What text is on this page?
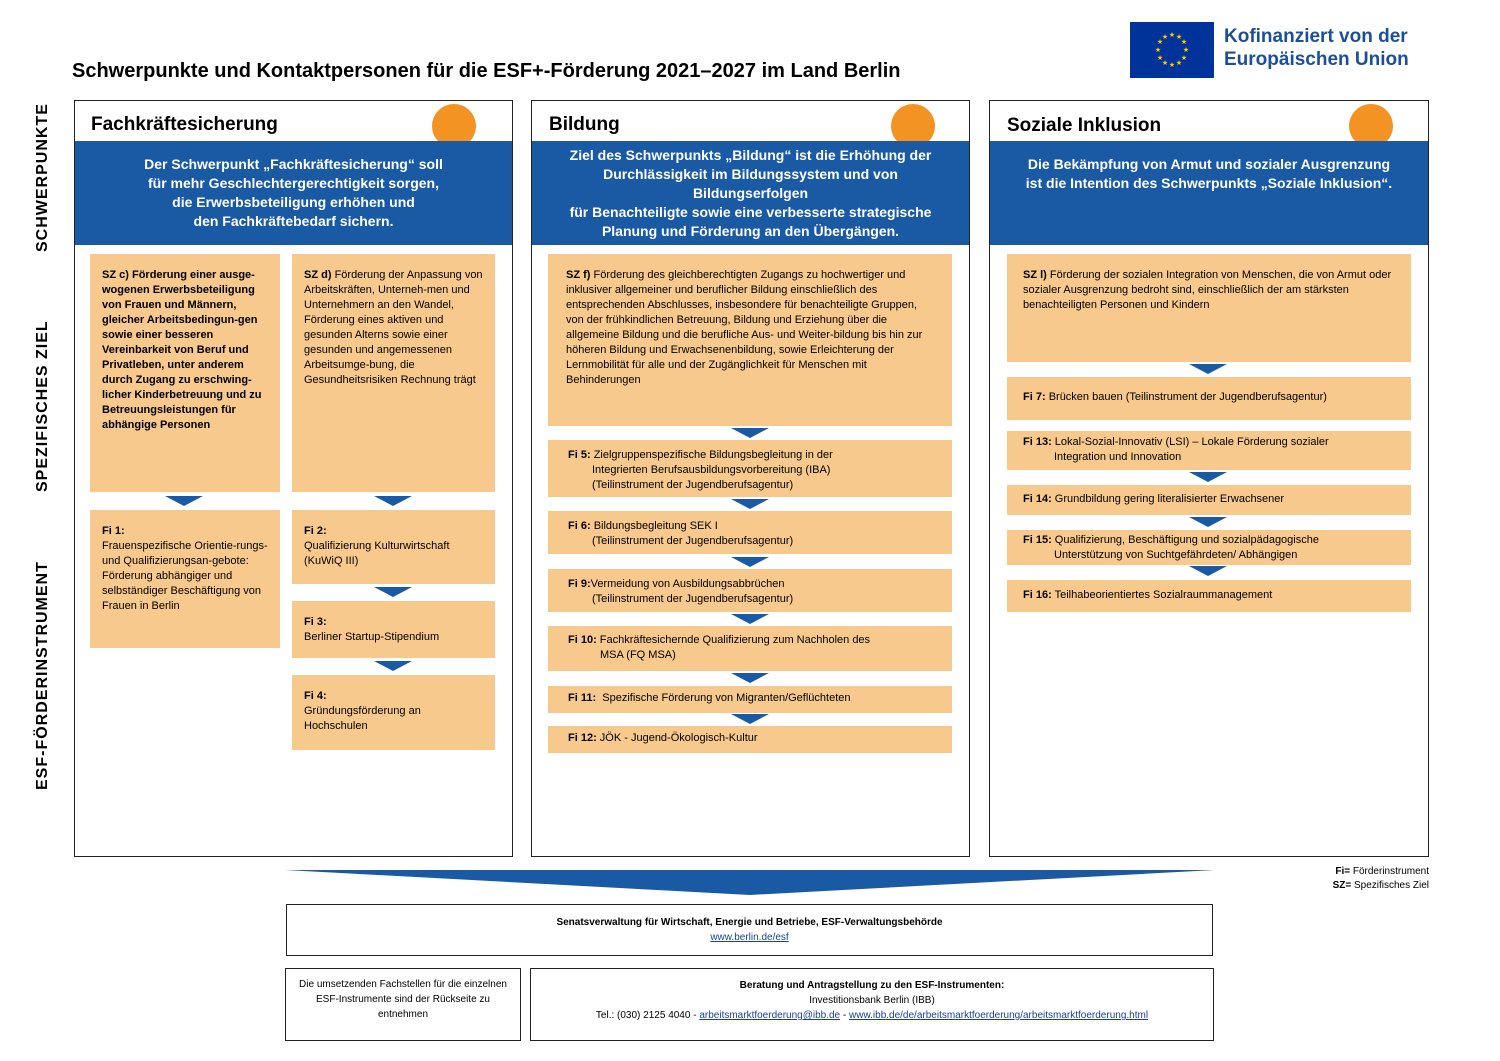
Schwerpunkte und Kontaktpersonen für die ESF+-Förderung 2021–2027 im Land Berlin
★ ★
★
★
★
★
★
★
★
★
★
★	Kofinanziert von der
Europäischen Union
SCHWERPUNKTE
SPEZIFISCHES ZIEL
ESF-FÖRDERINSTRUMENT
Fachkräftesicherung	Bildung	Soziale Inklusion
Der Schwerpunkt „Fachkräftesicherung“ soll
für mehr Geschlechtergerechtigkeit sorgen,
die Erwerbsbeteiligung erhöhen und
den Fachkräftebedarf sichern.
Ziel des Schwerpunkts „Bildung“ ist die Erhöhung der
Durchlässigkeit im Bildungssystem und von Bildungserfolgen
für Benachteiligte sowie eine verbesserte strategische
Planung und Förderung an den Übergängen.
Die Bekämpfung von Armut und sozialer Ausgrenzung
ist die Intention des Schwerpunkts „Soziale Inklusion“.
SZ c) Förderung einer ausge-wogenen Erwerbsbeteiligung von Frauen und Männern, gleicher Arbeitsbedingun-gen sowie einer besseren Vereinbarkeit von Beruf und Privatleben, unter anderem durch Zugang zu erschwing-licher Kinderbetreuung und zu Betreuungsleistungen für abhängige Personen
SZ d) Förderung der Anpassung von Arbeitskräften, Unterneh-men und Unternehmern an den Wandel, Förderung eines aktiven und gesunden Alterns sowie einer gesunden und angemessenen Arbeitsumge-bung, die Gesundheitsrisiken Rechnung trägt
Fi 1:
Frauenspezifische Orientie-rungs- und Qualifizierungsan-gebote: Förderung abhängiger und selbständiger Beschäftigung von Frauen in Berlin
Fi 2:
Qualifizierung Kulturwirtschaft (KuWiQ III)
Fi 3:
Berliner Startup-Stipendium
Fi 4:
Gründungsförderung an Hochschulen
SZ f) Förderung des gleichberechtigten Zugangs zu hochwertiger und inklusiver allgemeiner und beruflicher Bildung einschließlich des entsprechenden Abschlusses, insbesondere für benachteiligte Gruppen, von der frühkindlichen Betreuung, Bildung und Erziehung über die allgemeine Bildung und die berufliche Aus- und Weiter-bildung bis hin zur höheren Bildung und Erwachsenenbildung, sowie Erleichterung der Lernmobilität für alle und der Zugänglichkeit für Menschen mit Behinderungen
Fi 5: Zielgruppenspezifische Bildungsbegleitung in der
Integrierten Berufsausbildungsvorbereitung (IBA)
(Teilinstrument der Jugendberufsagentur)
Fi 6: Bildungsbegleitung SEK I
(Teilinstrument der Jugendberufsagentur)
Fi 9:Vermeidung von Ausbildungsabbrüchen
(Teilinstrument der Jugendberufsagentur)
Fi 10: Fachkräftesichernde Qualifizierung zum Nachholen des
MSA (FQ MSA)
Fi 11: Spezifische Förderung von Migranten/Geflüchteten
Fi 12: JÖK - Jugend-Ökologisch-Kultur
SZ l) Förderung der sozialen Integration von Menschen, die von Armut oder sozialer Ausgrenzung bedroht sind, einschließlich der am stärksten benachteiligten Personen und Kindern
Fi 7: Brücken bauen (Teilinstrument der Jugendberufsagentur)
Fi 13: Lokal-Sozial-Innovativ (LSI) – Lokale Förderung sozialer
Integration und Innovation
Fi 14: Grundbildung gering literalisierter Erwachsener
Fi 15: Qualifizierung, Beschäftigung und sozialpädagogische
Unterstützung von Suchtgefährdeten/ Abhängigen
Fi 16: Teilhabeorientiertes Sozialraummanagement
Fi= Förderinstrument
SZ= Spezifisches Ziel
Senatsverwaltung für Wirtschaft, Energie und Betriebe, ESF-Verwaltungsbehörde
www.berlin.de/esf
Die umsetzenden Fachstellen für die einzelnen ESF-Instrumente sind der Rückseite zu entnehmen
Beratung und Antragstellung zu den ESF-Instrumenten:
Investitionsbank Berlin (IBB)
Tel.: (030) 2125 4040 - arbeitsmarktfoerderung@ibb.de - www.ibb.de/de/arbeitsmarktfoerderung/arbeitsmarktfoerderung.html
